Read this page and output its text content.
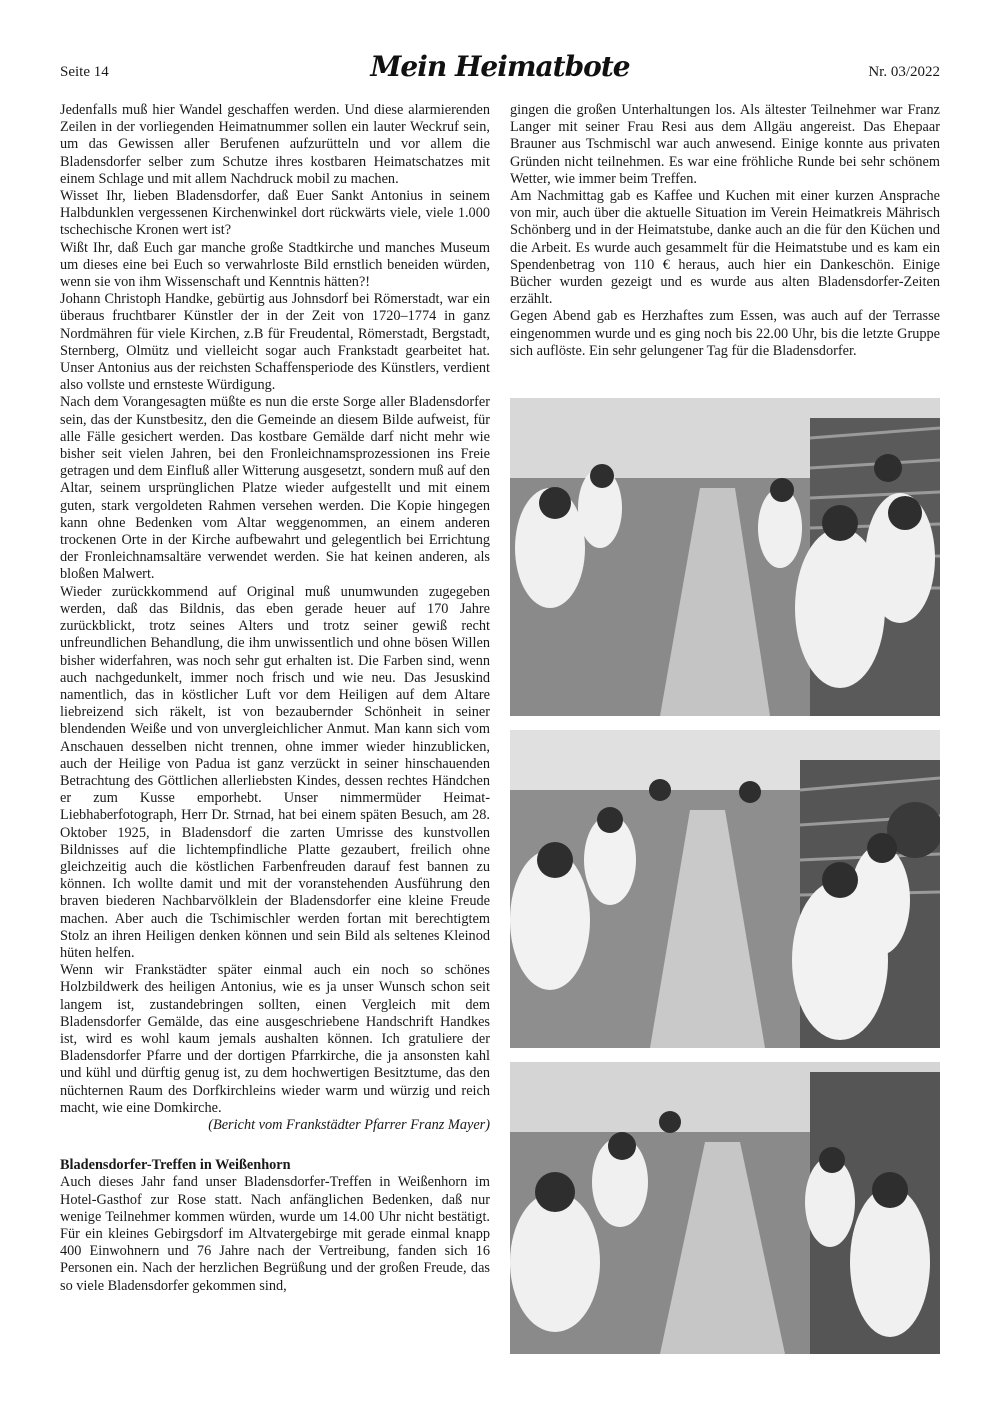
Seite 14	Mein Heimatbote	Nr. 03/2022

Jedenfalls muß hier Wandel geschaffen werden. Und diese alarmierenden Zeilen in der vorliegenden Heimatnummer sollen ein lauter Weckruf sein, um das Gewissen aller Berufenen aufzurütteln und vor allem die Bladensdorfer selber zum Schutze ihres kostbaren Heimatschatzes mit einem Schlage und mit allem Nachdruck mobil zu machen.

Wisset Ihr, lieben Bladensdorfer, daß Euer Sankt Antonius in seinem Halbdunklen vergessenen Kirchenwinkel dort rückwärts viele, viele 1.000 tschechische Kronen wert ist?

Wißt Ihr, daß Euch gar manche große Stadtkirche und manches Museum um dieses eine bei Euch so verwahrloste Bild ernstlich beneiden würden, wenn sie von ihm Wissenschaft und Kenntnis hätten?!

Johann Christoph Handke, gebürtig aus Johnsdorf bei Römerstadt, war ein überaus fruchtbarer Künstler der in der Zeit von 1720–1774 in ganz Nordmähren für viele Kirchen, z.B für Freudental, Römerstadt, Bergstadt, Sternberg, Olmütz und vielleicht sogar auch Frankstadt gearbeitet hat. Unser Antonius aus der reichsten Schaffensperiode des Künstlers, verdient also vollste und ernsteste Würdigung.

Nach dem Vorangesagten müßte es nun die erste Sorge aller Bladensdorfer sein, das der Kunstbesitz, den die Gemeinde an diesem Bilde aufweist, für alle Fälle gesichert werden. Das kostbare Gemälde darf nicht mehr wie bisher seit vielen Jahren, bei den Fronleichnamsprozessionen ins Freie getragen und dem Einfluß aller Witterung ausgesetzt, sondern muß auf den Altar, seinem ursprünglichen Platze wieder aufgestellt und mit einem guten, stark vergoldeten Rahmen versehen werden. Die Kopie hingegen kann ohne Bedenken vom Altar weggenommen, an einem anderen trockenen Orte in der Kirche aufbewahrt und gelegentlich bei Errichtung der Fronleichnamsaltäre verwendet werden. Sie hat keinen anderen, als bloßen Malwert.

Wieder zurückkommend auf Original muß unumwunden zugegeben werden, daß das Bildnis, das eben gerade heuer auf 170 Jahre zurückblickt, trotz seines Alters und trotz seiner gewiß recht unfreundlichen Behandlung, die ihm unwissentlich und ohne bösen Willen bisher widerfahren, was noch sehr gut erhalten ist. Die Farben sind, wenn auch nachgedunkelt, immer noch frisch und wie neu. Das Jesuskind namentlich, das in köstlicher Luft vor dem Heiligen auf dem Altare liebreizend sich räkelt, ist von bezaubernder Schönheit in seiner blendenden Weiße und von unvergleichlicher Anmut. Man kann sich vom Anschauen desselben nicht trennen, ohne immer wieder hinzublicken, auch der Heilige von Padua ist ganz verzückt in seiner hinschauenden Betrachtung des Göttlichen allerliebsten Kindes, dessen rechtes Händchen er zum Kusse emporhebt. Unser nimmermüder Heimat-Liebhaberfotograph, Herr Dr. Strnad, hat bei einem späten Besuch, am 28. Oktober 1925, in Bladensdorf die zarten Umrisse des kunstvollen Bildnisses auf die lichtempfindliche Platte gezaubert, freilich ohne gleichzeitig auch die köstlichen Farbenfreuden darauf fest bannen zu können. Ich wollte damit und mit der voranstehenden Ausführung den braven biederen Nachbarvölklein der Bladensdorfer eine kleine Freude machen. Aber auch die Tschimischler werden fortan mit berechtigtem Stolz an ihren Heiligen denken können und sein Bild als seltenes Kleinod hüten helfen.

Wenn wir Frankstädter später einmal auch ein noch so schönes Holzbildwerk des heiligen Antonius, wie es ja unser Wunsch schon seit langem ist, zustandebringen sollten, einen Vergleich mit dem Bladensdorfer Gemälde, das eine ausgeschriebene Handschrift Handkes ist, wird es wohl kaum jemals aushalten können. Ich gratuliere der Bladensdorfer Pfarre und der dortigen Pfarrkirche, die ja ansonsten kahl und kühl und dürftig genug ist, zu dem hochwertigen Besitztume, das den nüchternen Raum des Dorfkirchleins wieder warm und würzig und reich macht, wie eine Domkirche.

(Bericht vom Frankstädter Pfarrer Franz Mayer)

Bladensdorfer-Treffen in Weißenhorn

Auch dieses Jahr fand unser Bladensdorfer-Treffen in Weißenhorn im Hotel-Gasthof zur Rose statt. Nach anfänglichen Bedenken, daß nur wenige Teilnehmer kommen würden, wurde um 14.00 Uhr nicht bestätigt. Für ein kleines Gebirgsdorf im Altvatergebirge mit gerade einmal knapp 400 Einwohnern und 76 Jahre nach der Vertreibung, fanden sich 16 Personen ein. Nach der herzlichen Begrüßung und der großen Freude, das so viele Bladensdorfer gekommen sind,

gingen die großen Unterhaltungen los. Als ältester Teilnehmer war Franz Langer mit seiner Frau Resi aus dem Allgäu angereist. Das Ehepaar Brauner aus Tschmischl war auch anwesend. Einige konnte aus privaten Gründen nicht teilnehmen. Es war eine fröhliche Runde bei sehr schönem Wetter, wie immer beim Treffen.

Am Nachmittag gab es Kaffee und Kuchen mit einer kurzen Ansprache von mir, auch über die aktuelle Situation im Verein Heimatkreis Mährisch Schönberg und in der Heimatstube, danke auch an die für den Küchen und die Arbeit. Es wurde auch gesammelt für die Heimatstube und es kam ein Spendenbetrag von 110 € heraus, auch hier ein Dankeschön. Einige Bücher wurden gezeigt und es wurde aus alten Bladensdorfer-Zeiten erzählt.

Gegen Abend gab es Herzhaftes zum Essen, was auch auf der Terrasse eingenommen wurde und es ging noch bis 22.00 Uhr, bis die letzte Gruppe sich auflöste. Ein sehr gelungener Tag für die Bladensdorfer.
